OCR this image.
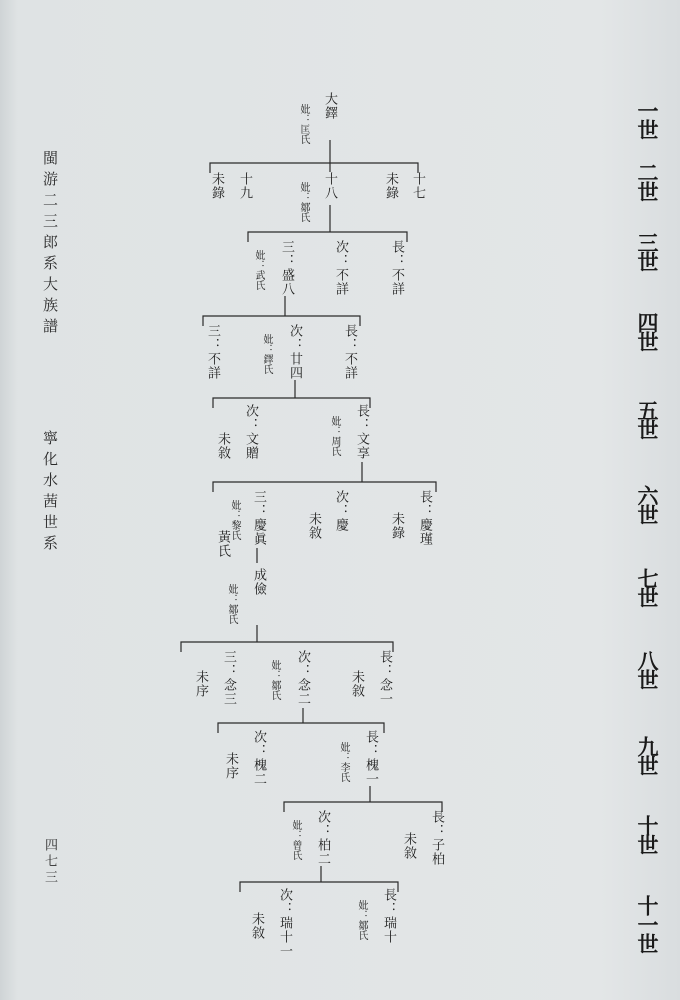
一世
二世
三世
四世
五世
六世
七世
八世
九世
十世
十一世
閩游二三郎系大族譜
寧化水茜世系
四七三
大鐸
妣：匡氏
十九
未錄	十八
妣：鄒氏	十七
未錄
三：盛八
妣：武氏	次：不詳	長：不詳
三：不詳	次：廿四
妣：鐸氏	長：不詳
次：文贈
未敘	長：文享
妣：周氏
三：慶眞
妣：黎氏
黃氏
次：慶
未敘	長：慶瑾
未錄
成儉
妣：鄒氏
三：念三
未序	次：念二
妣：鄒氏	長：念一
未敘
次：槐二
未序	長：槐一
妣：李氏
次：柏二
妣：曾氏	長：子柏
未敘
次：瑞十一
未敘	長：瑞十
妣：鄒氏
